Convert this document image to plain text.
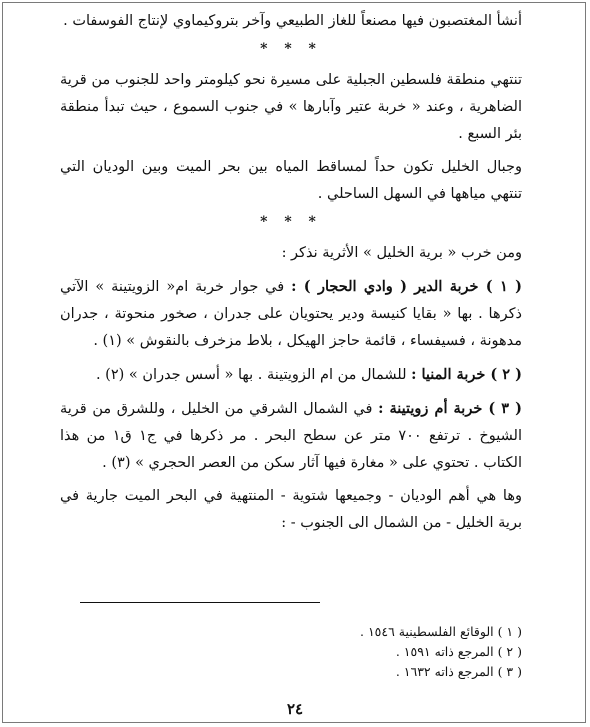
أنشأ المغتصبون فيها مصنعاً للغاز الطبيعي وآخر بتروكيماوي لإنتاج الفوسفات .

* * *

تنتهي منطقة فلسطين الجبلية على مسيرة نحو كيلومتر واحد للجنوب من قرية الضاهرية ، وعند « خربة عتير وآبارها » في جنوب السموع ، حيث تبدأ منطقة بئر السبع .

وجبال الخليل تكون حداً لمساقط المياه بين بحر الميت وبين الوديان التي تنتهي مياهها في السهل الساحلي .

* * *

ومن خرب « برية الخليل » الأثرية نذكر :

( ١ ) خربة الدير ( وادي الحجار ) : في جوار خربة ام« الزويتينة » الآتي ذكرها . بها « بقايا كنيسة ودير يحتويان على جدران ، صخور منحوتة ، جدران مدهونة ، فسيفساء ، قائمة حاجز الهيكل ، بلاط مزخرف بالنقوش » (١) .

( ٢ ) خربة المنيا : للشمال من ام الزويتينة . بها « أسس جدران » (٢) .

( ٣ ) خربة أم زويتينة : في الشمال الشرقي من الخليل ، وللشرق من قرية الشيوخ . ترتفع ٧٠٠ متر عن سطح البحر . مر ذكرها في ج١ ق١ من هذا الكتاب . تحتوي على « مغارة فيها آثار سكن من العصر الحجري » (٣) .

وها هي أهم الوديان - وجميعها شتوية - المنتهية في البحر الميت جارية في برية الخليل - من الشمال الى الجنوب - :

( ١ ) الوقائع الفلسطينية ١٥٤٦ .
( ٢ ) المرجع ذاته ١٥٩١ .
( ٣ ) المرجع ذاته ١٦٣٢ .
٢٤
